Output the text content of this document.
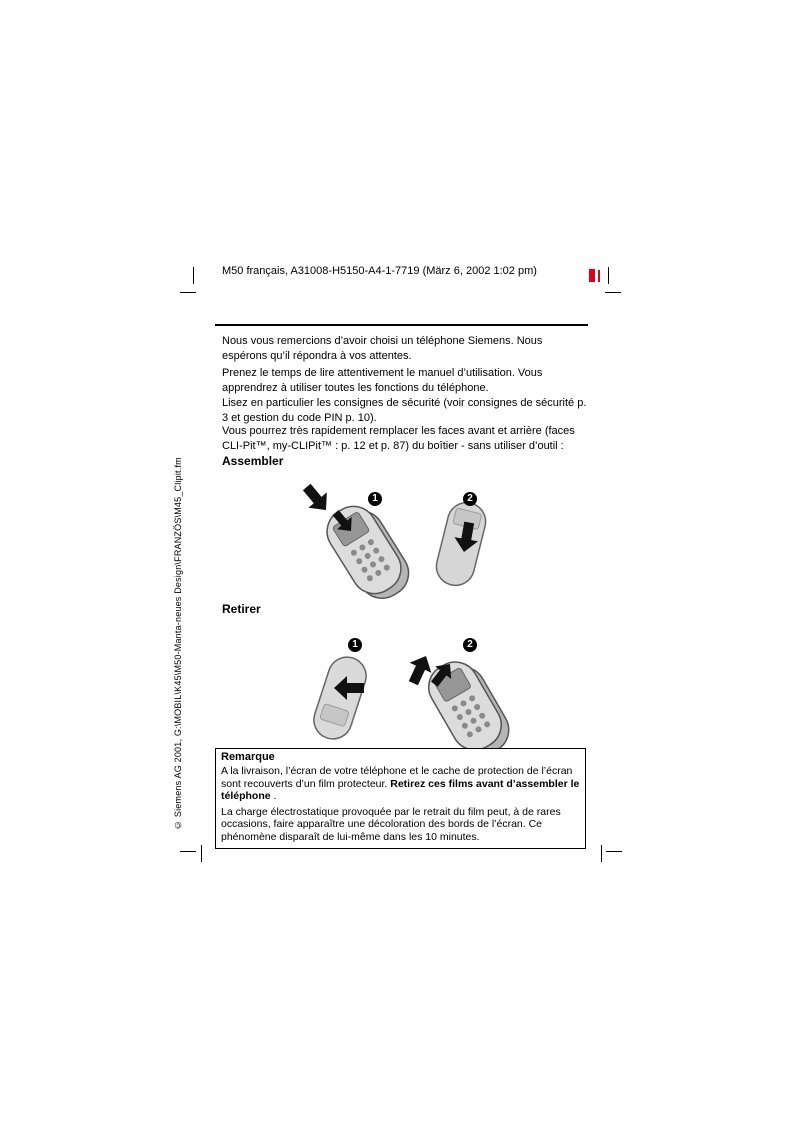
M50 français, A31008-H5150-A4-1-7719 (März 6, 2002 1:02 pm)
© Siemens AG 2001, G:\MOBIL\K45\M50-Manta-neues Design\FRANZÖS\M45_Clipit.fm
Nous vous remercions d’avoir choisi un téléphone Siemens. Nous espérons qu’il répondra à vos attentes.
Prenez le temps de lire attentivement le manuel d’utilisation. Vous apprendrez à utiliser toutes les fonctions du téléphone.
Lisez en particulier les consignes de sécurité (voir consignes de sécurité p. 3 et gestion du code PIN p. 10).
Vous pourrez très rapidement remplacer les faces avant et arrière (faces CLI-Pit™, my-CLIPit™ : p. 12 et p. 87) du boîtier - sans utiliser d’outil :
Assembler
1	2
Retirer
1	2
Remarque
A la livraison, l’écran de votre téléphone et le cache de protection de l’écran sont recouverts d’un film protecteur. Retirez ces films avant d’assembler le téléphone .
La charge électrostatique provoquée par le retrait du film peut, à de rares occasions, faire apparaître une décoloration des bords de l’écran. Ce phénomène disparaît de lui-même dans les 10 minutes.
